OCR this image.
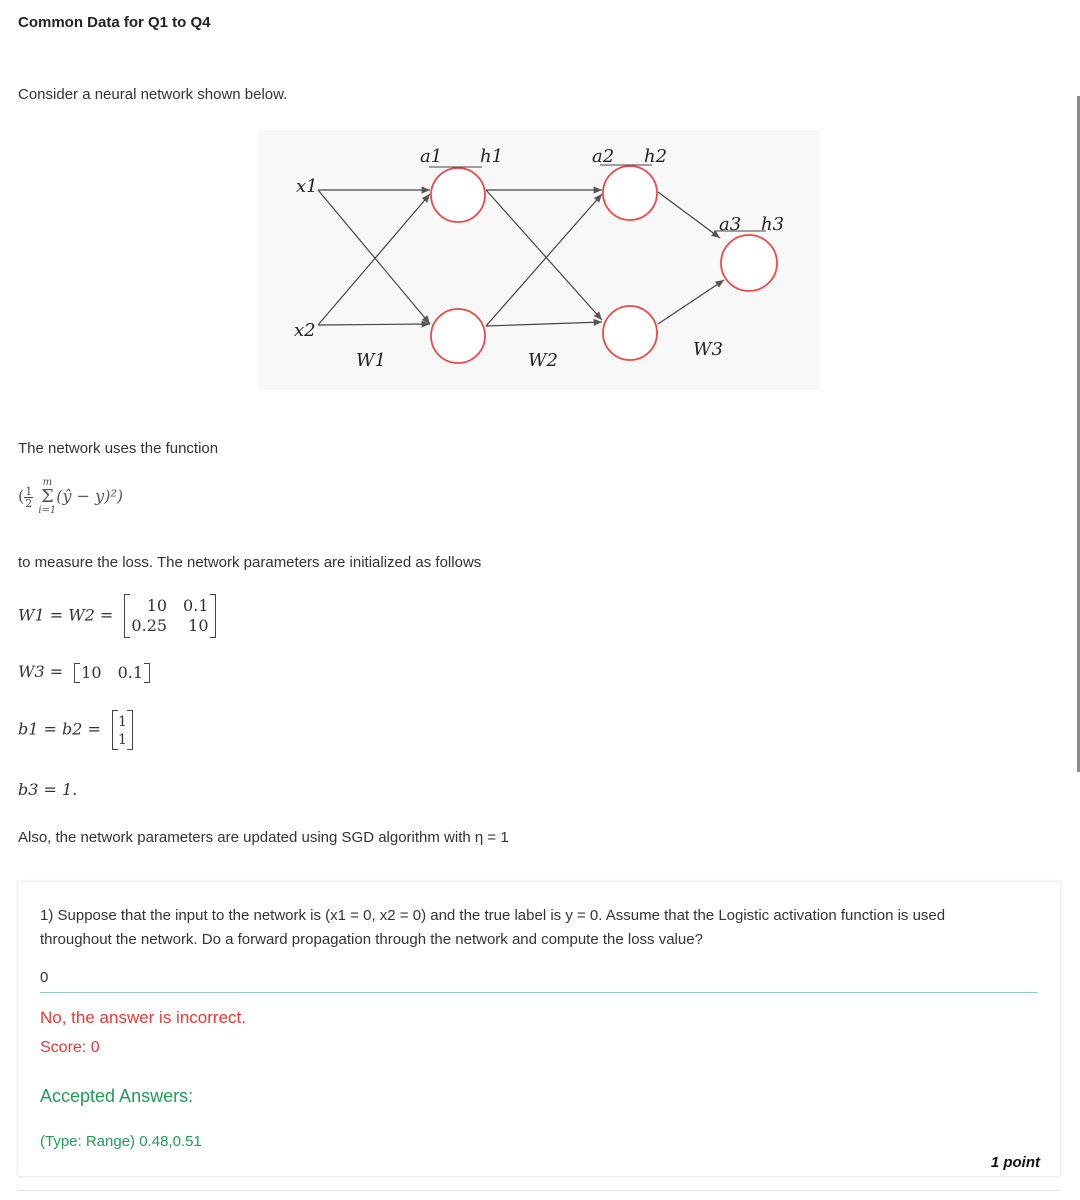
Common Data for Q1 to Q4
Consider a neural network shown below.
x1
x2
a1 h1	a2 h2
a3 h3
W1	W2
W3
The network uses the function
( $\frac{1}{2}$
m
Σ
i=1(ŷ − y)²)
to measure the loss. The network parameters are initialized as follows
W1 = W2 =	10 0.1
0.25	10
W3 = 10 0.1
b1 = b2 = 1
1
b3 = 1.
Also, the network parameters are updated using SGD algorithm with η = 1
1) Suppose that the input to the network is (x1 = 0, x2 = 0) and the true label is y = 0. Assume that the Logistic activation function is used
throughout the network. Do a forward propagation through the network and compute the loss value?
0
No, the answer is incorrect.
Score: 0
Accepted Answers:
(Type: Range) 0.48,0.51
1 point
